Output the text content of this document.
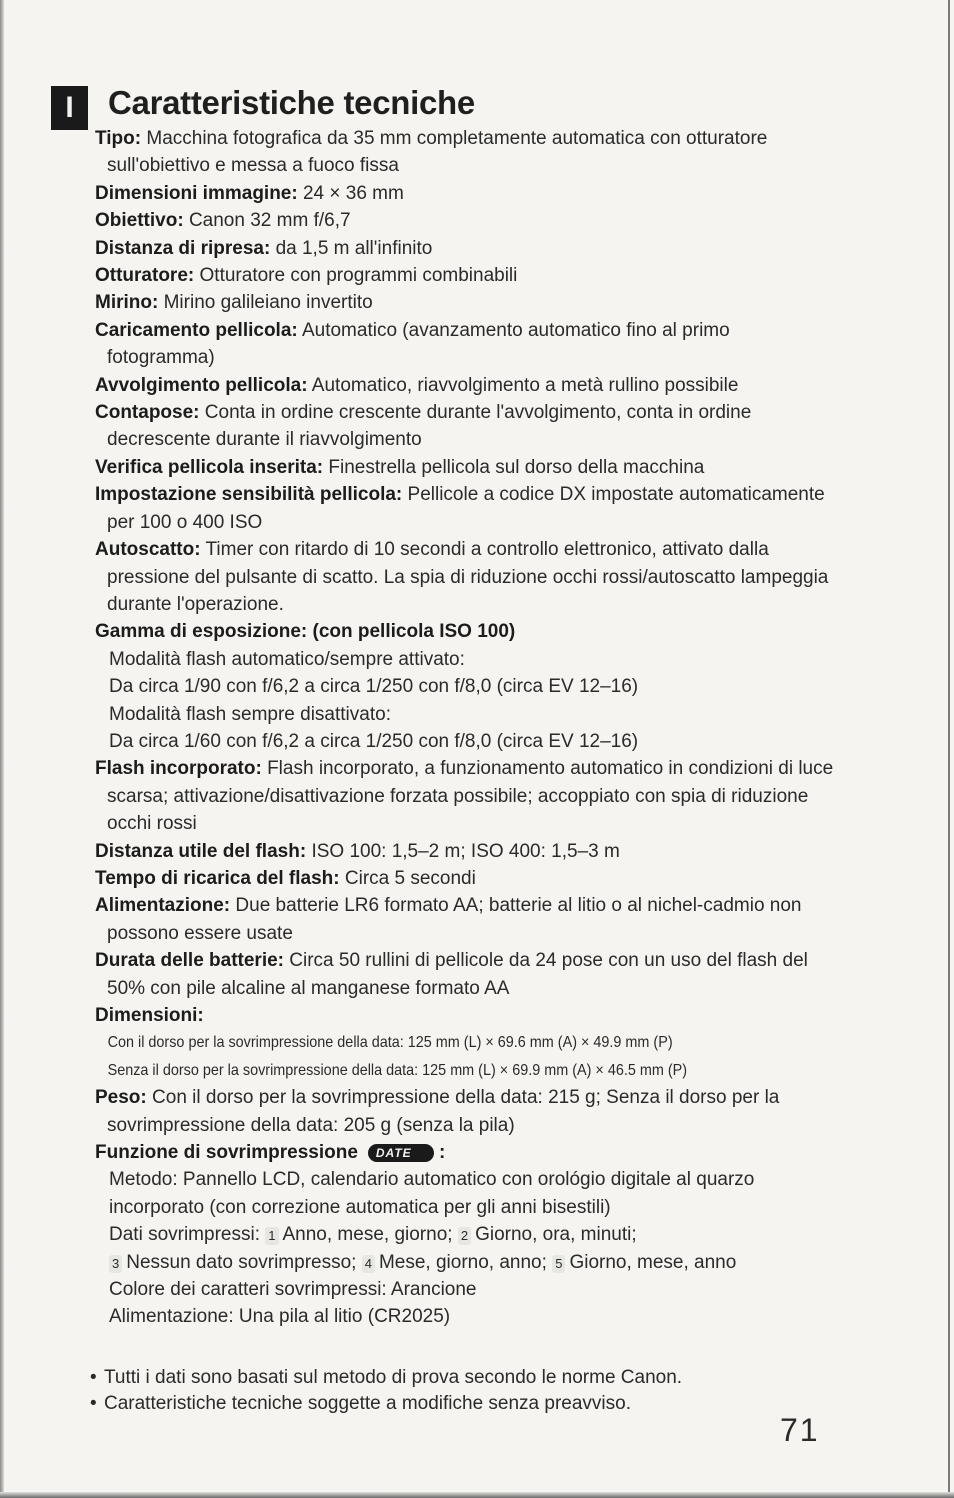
I	Caratteristiche tecniche

Tipo: Macchina fotografica da 35 mm completamente automatica con otturatore sull'obiettivo e messa a fuoco fissa

Dimensioni immagine: 24 × 36 mm

Obiettivo: Canon 32 mm f/6,7

Distanza di ripresa: da 1,5 m all'infinito

Otturatore: Otturatore con programmi combinabili

Mirino: Mirino galileiano invertito

Caricamento pellicola: Automatico (avanzamento automatico fino al primo fotogramma)

Avvolgimento pellicola: Automatico, riavvolgimento a metà rullino possibile

Contapose: Conta in ordine crescente durante l'avvolgimento, conta in ordine decrescente durante il riavvolgimento

Verifica pellicola inserita: Finestrella pellicola sul dorso della macchina

Impostazione sensibilità pellicola: Pellicole a codice DX impostate automaticamente per 100 o 400 ISO

Autoscatto: Timer con ritardo di 10 secondi a controllo elettronico, attivato dalla pressione del pulsante di scatto. La spia di riduzione occhi rossi/autoscatto lampeggia durante l'operazione.

Gamma di esposizione: (con pellicola ISO 100)

Modalità flash automatico/sempre attivato:

Da circa 1/90 con f/6,2 a circa 1/250 con f/8,0 (circa EV 12–16)

Modalità flash sempre disattivato:

Da circa 1/60 con f/6,2 a circa 1/250 con f/8,0 (circa EV 12–16)

Flash incorporato: Flash incorporato, a funzionamento automatico in condizioni di luce scarsa; attivazione/disattivazione forzata possibile; accoppiato con spia di riduzione occhi rossi

Distanza utile del flash: ISO 100: 1,5–2 m; ISO 400: 1,5–3 m

Tempo di ricarica del flash: Circa 5 secondi

Alimentazione: Due batterie LR6 formato AA; batterie al litio o al nichel-cadmio non possono essere usate

Durata delle batterie: Circa 50 rullini di pellicole da 24 pose con un uso del flash del 50% con pile alcaline al manganese formato AA

Dimensioni:

Con il dorso per la sovrimpressione della data: 125 mm (L) × 69.6 mm (A) × 49.9 mm (P)

Senza il dorso per la sovrimpressione della data: 125 mm (L) × 69.9 mm (A) × 46.5 mm (P)

Peso: Con il dorso per la sovrimpressione della data: 215 g; Senza il dorso per la sovrimpressione della data: 205 g (senza la pila)

Funzione di sovrimpressione DATE :

Metodo: Pannello LCD, calendario automatico con orológio digitale al quarzo incorporato (con correzione automatica per gli anni bisestili)

Dati sovrimpressi: 1 Anno, mese, giorno; 2 Giorno, ora, minuti;

3 Nessun dato sovrimpresso; 4 Mese, giorno, anno; 5 Giorno, mese, anno

Colore dei caratteri sovrimpressi: Arancione

Alimentazione: Una pila al litio (CR2025)

• Tutti i dati sono basati sul metodo di prova secondo le norme Canon.

• Caratteristiche tecniche soggette a modifiche senza preavviso.

71
